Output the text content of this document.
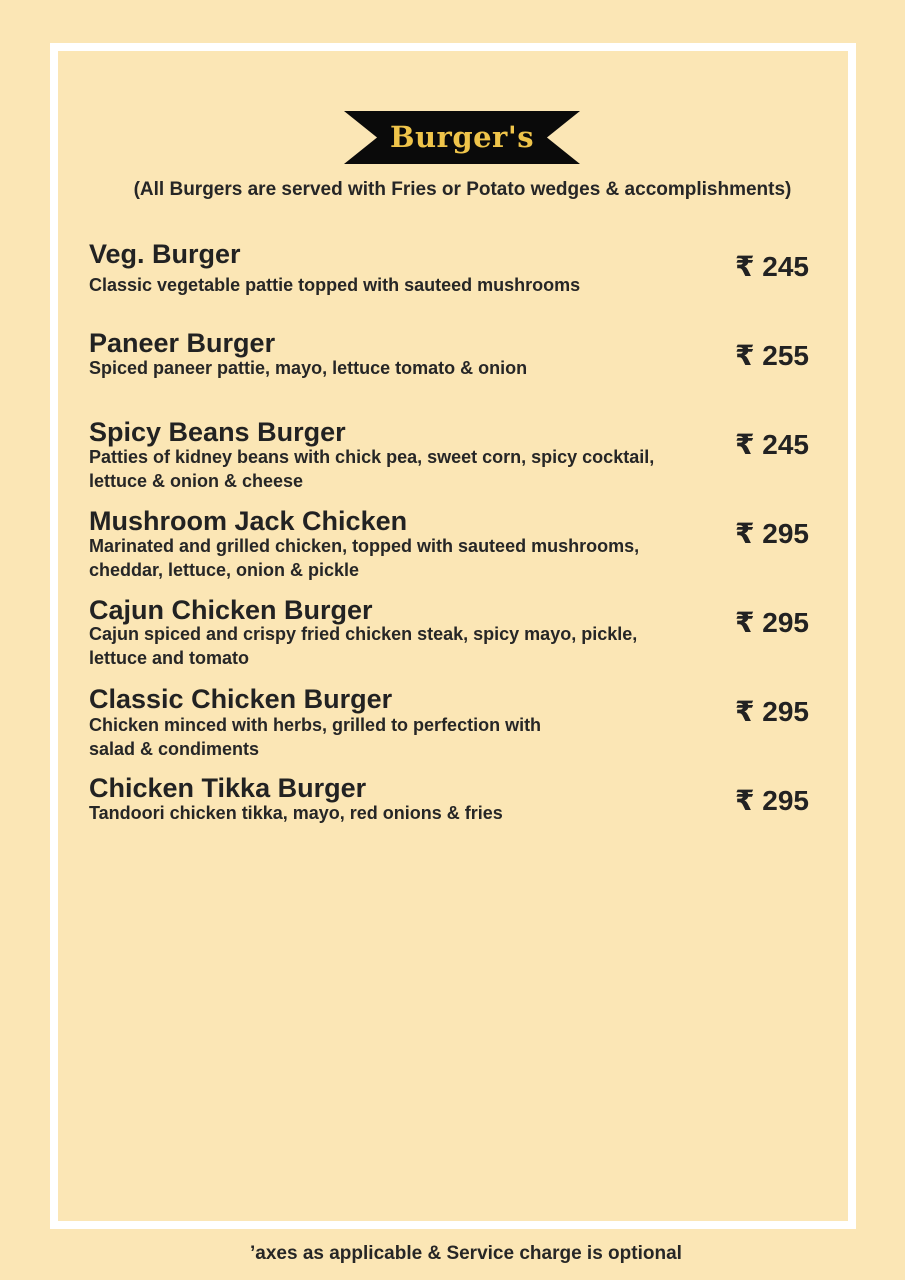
Burger's
(All Burgers are served with Fries or Potato wedges & accomplishments)
Veg. Burger
Classic vegetable pattie topped with sauteed mushrooms
₹ 245
Paneer Burger
Spiced paneer pattie, mayo, lettuce tomato & onion	₹ 255
Spicy Beans Burger
Patties of kidney beans with chick pea, sweet corn, spicy cocktail,
lettuce & onion & cheese
₹ 245
Mushroom Jack Chicken
Marinated and grilled chicken, topped with sauteed mushrooms,
cheddar, lettuce, onion & pickle
₹ 295
Cajun Chicken Burger
Cajun spiced and crispy fried chicken steak, spicy mayo, pickle,
lettuce and tomato
₹ 295
Classic Chicken Burger
Chicken minced with herbs, grilled to perfection with
salad & condiments
₹ 295
Chicken Tikka Burger
Tandoori chicken tikka, mayo, red onions & fries	₹ 295
ʼaxes as applicable & Service charge is optional
